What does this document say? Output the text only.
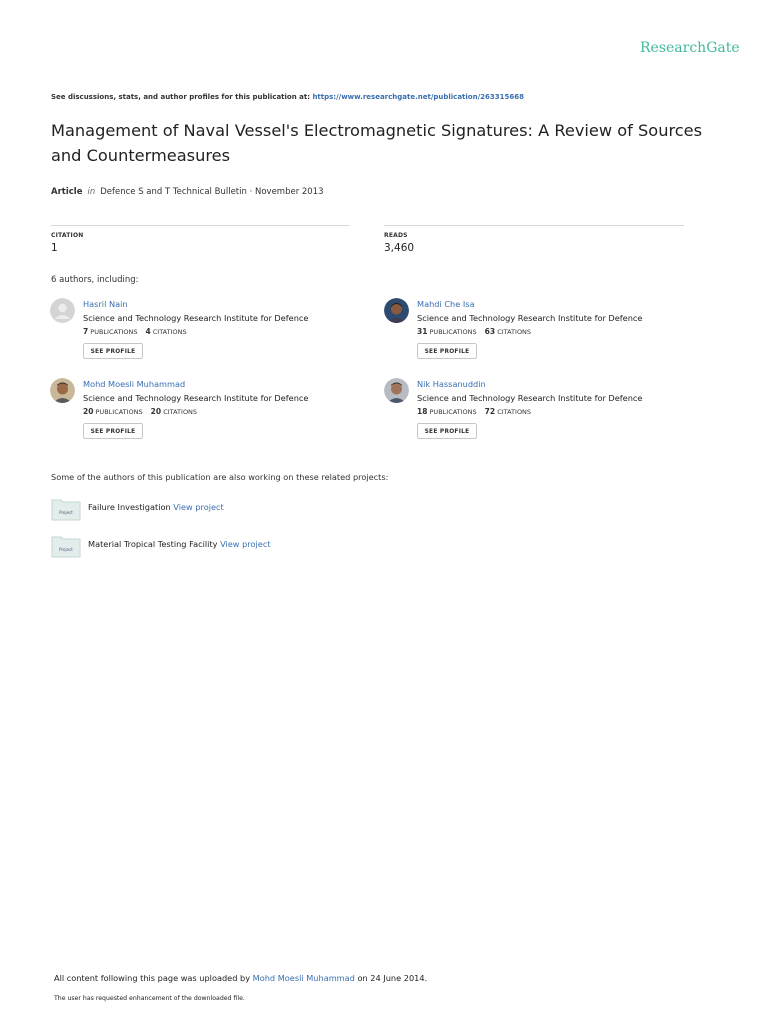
ResearchGate
See discussions, stats, and author profiles for this publication at: https://www.researchgate.net/publication/263315668
Management of Naval Vessel's Electromagnetic Signatures: A Review of Sources and Countermeasures
Article in Defence S and T Technical Bulletin · November 2013
CITATION
1
READS
3,460
6 authors, including:
Hasril Nain
Science and Technology Research Institute for Defence
7 PUBLICATIONS 4 CITATIONS
SEE PROFILE
Mahdi Che Isa
Science and Technology Research Institute for Defence
31 PUBLICATIONS 63 CITATIONS
SEE PROFILE
Mohd Moesli Muhammad
Science and Technology Research Institute for Defence
20 PUBLICATIONS 20 CITATIONS
SEE PROFILE
Nik Hassanuddin
Science and Technology Research Institute for Defence
18 PUBLICATIONS 72 CITATIONS
SEE PROFILE
Some of the authors of this publication are also working on these related projects:
Project
Failure Investigation View project
Project
Material Tropical Testing Facility View project
All content following this page was uploaded by Mohd Moesli Muhammad on 24 June 2014.
The user has requested enhancement of the downloaded file.
